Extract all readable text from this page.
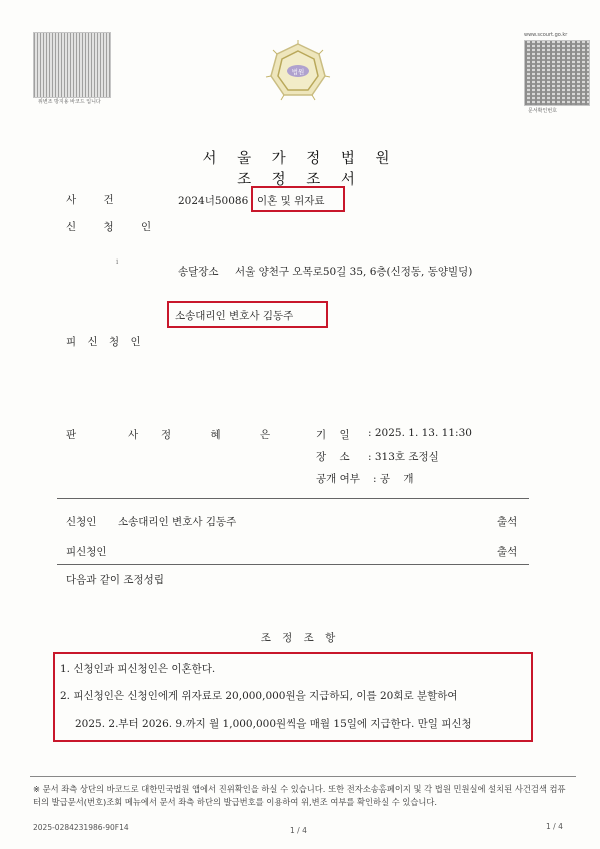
위변조 방지용 바코드 입니다
법원
www.scourt.go.kr
문서확인번호
서 울 가 정 법 원
조 정 조 서
사 건	2024너50086 이혼 및 위자료
신 청 인
i
송달장소 서울 양천구 오목로50길 35, 6층(신정동, 동양빌딩)
소송대리인 변호사 김동주
피 신 청 인
판	사 정 혜 은	기    일 : 2025. 1. 13. 11:30
장    소 : 313호 조정실
공개 여부 : 공    개
신청인 소송대리인 변호사 김동주	출석
피신청인	출석
다음과 같이 조정성립
조 정 조 항
1. 신청인과 피신청인은 이혼한다.
2. 피신청인은 신청인에게 위자료로 20,000,000원을 지급하되, 이를 20회로 분할하여
2025. 2.부터 2026. 9.까지 월 1,000,000원씩을 매월 15일에 지급한다. 만일 피신청
※ 문서 좌측 상단의 바코드로 대한민국법원 앱에서 진위확인을 하실 수 있습니다. 또한 전자소송홈페이지 및 각 법원 민원실에 설치된 사건검색 컴퓨터의 발급문서(번호)조회 메뉴에서 문서 좌측 하단의 발급번호를 이용하여 위,변조 여부를 확인하실 수 있습니다.
2025-0284231986-90F14	1 / 4	1 / 4
